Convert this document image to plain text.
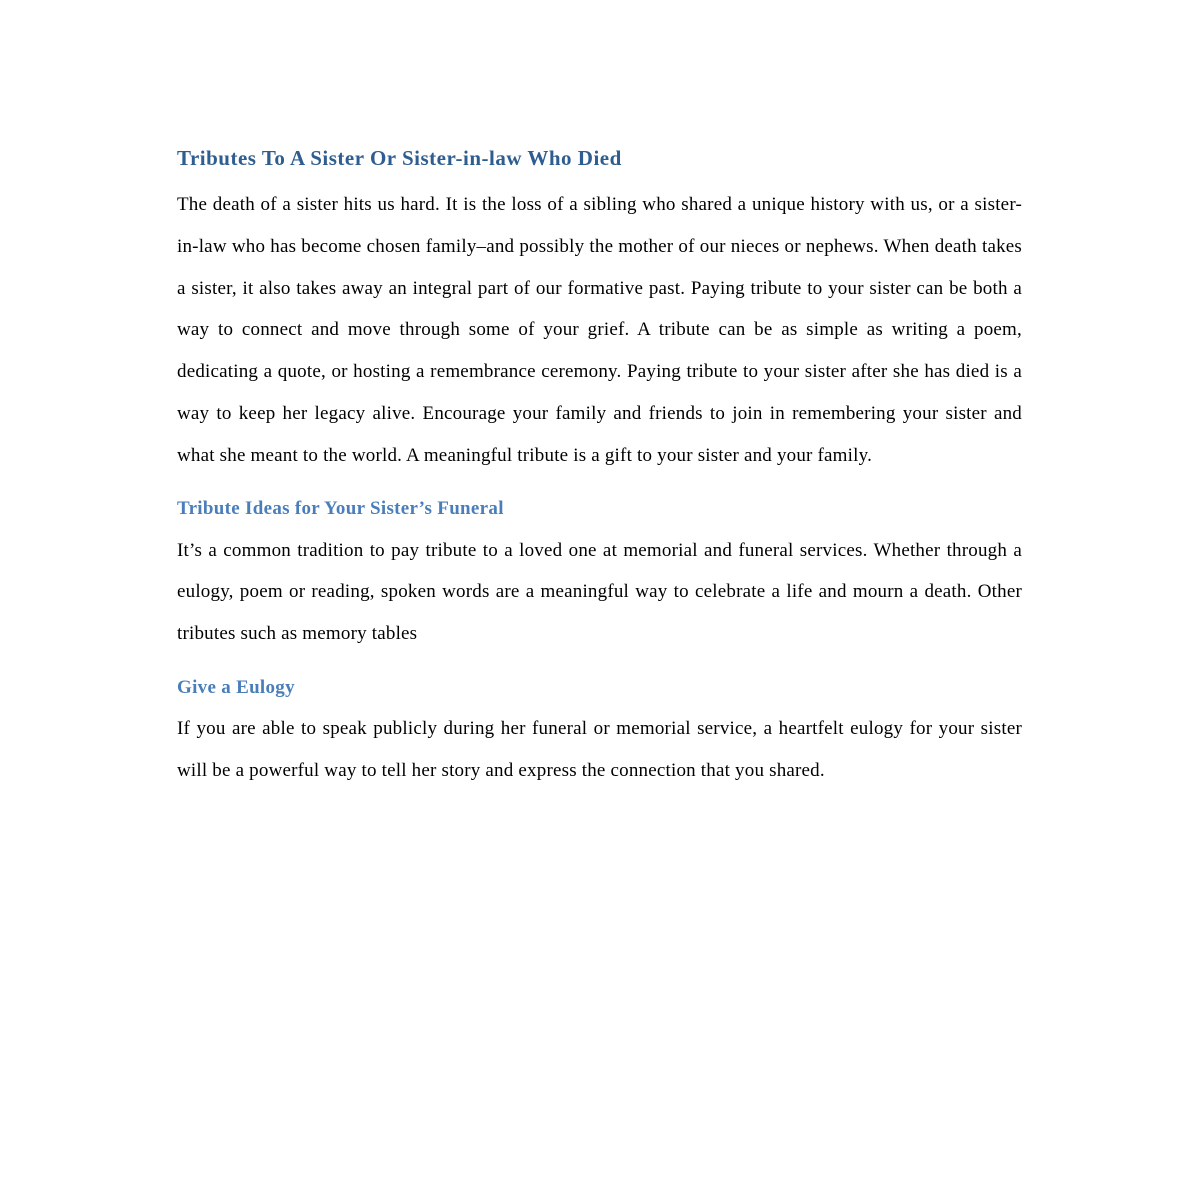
Tributes To A Sister Or Sister-in-law Who Died

The death of a sister hits us hard. It is the loss of a sibling who shared a unique history with us, or a sister-in-law who has become chosen family–and possibly the mother of our nieces or nephews. When death takes a sister, it also takes away an integral part of our formative past. Paying tribute to your sister can be both a way to connect and move through some of your grief. A tribute can be as simple as writing a poem, dedicating a quote, or hosting a remembrance ceremony. Paying tribute to your sister after she has died is a way to keep her legacy alive. Encourage your family and friends to join in remembering your sister and what she meant to the world. A meaningful tribute is a gift to your sister and your family.

Tribute Ideas for Your Sister’s Funeral

It’s a common tradition to pay tribute to a loved one at memorial and funeral services. Whether through a eulogy, poem or reading, spoken words are a meaningful way to celebrate a life and mourn a death. Other tributes such as memory tables

Give a Eulogy

If you are able to speak publicly during her funeral or memorial service, a heartfelt eulogy for your sister will be a powerful way to tell her story and express the connection that you shared.
